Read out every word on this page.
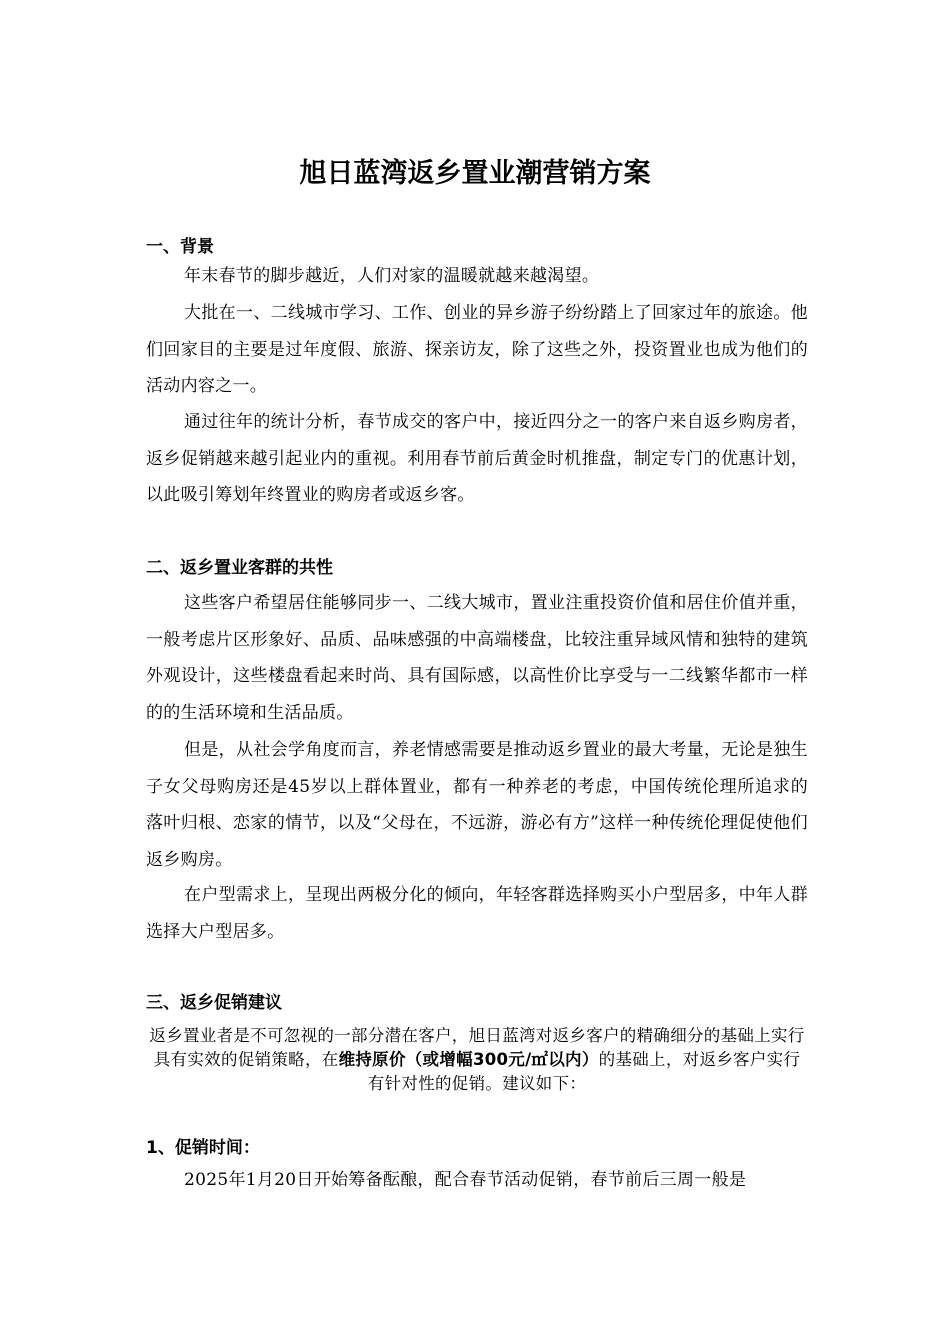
旭日蓝湾返乡置业潮营销方案
一、背景

年末春节的脚步越近，人们对家的温暖就越来越渴望。

大批在一、二线城市学习、工作、创业的异乡游子纷纷踏上了回家过年的旅途。他们回家目的主要是过年度假、旅游、探亲访友，除了这些之外，投资置业也成为他们的活动内容之一。

通过往年的统计分析，春节成交的客户中，接近四分之一的客户来自返乡购房者，返乡促销越来越引起业内的重视。利用春节前后黄金时机推盘，制定专门的优惠计划，以此吸引筹划年终置业的购房者或返乡客。

二、返乡置业客群的共性

这些客户希望居住能够同步一、二线大城市，置业注重投资价值和居住价值并重，一般考虑片区形象好、品质、品味感强的中高端楼盘，比较注重异域风情和独特的建筑外观设计，这些楼盘看起来时尚、具有国际感，以高性价比享受与一二线繁华都市一样的的生活环境和生活品质。

但是，从社会学角度而言，养老情感需要是推动返乡置业的最大考量，无论是独生子女父母购房还是45岁以上群体置业，都有一种养老的考虑，中国传统伦理所追求的落叶归根、恋家的情节，以及“父母在，不远游，游必有方”这样一种传统伦理促使他们返乡购房。

在户型需求上，呈现出两极分化的倾向，年轻客群选择购买小户型居多，中年人群选择大户型居多。

三、返乡促销建议

返乡置业者是不可忽视的一部分潜在客户，旭日蓝湾对返乡客户的精确细分的基础上实行具有实效的促销策略，在维持原价（或增幅300元/㎡以内）的基础上，对返乡客户实行有针对性的促销。建议如下：

1、促销时间：

2025年1月20日开始筹备酝酿，配合春节活动促销，春节前后三周一般是
